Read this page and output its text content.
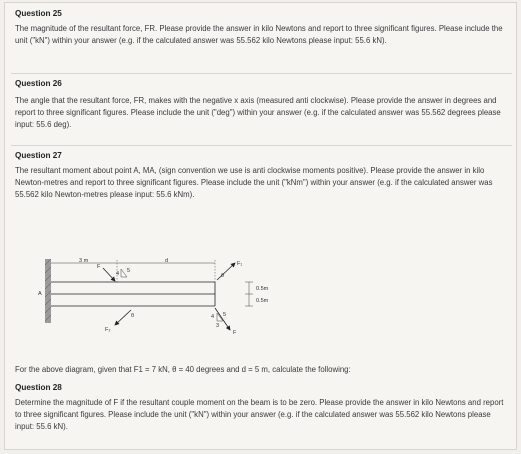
Question 25

The magnitude of the resultant force, FR. Please provide the answer in kilo Newtons and report to three significant figures. Please include the unit ("kN") within your answer (e.g. if the calculated answer was 55.562 kilo Newtons please input: 55.6 kN).

Question 26

The angle that the resultant force, FR, makes with the negative x axis (measured anti clockwise). Please provide the answer in degrees and report to three significant figures. Please include the unit ("deg") within your answer (e.g. if the calculated answer was 55.562 degrees please input: 55.6 deg).

Question 27

The resultant moment about point A, MA, (sign convention we use is anti clockwise moments positive). Please provide the answer in kilo Newton-metres and report to three significant figures. Please include the unit ("kNm") within your answer (e.g. if the calculated answer was 55.562 kilo Newton-metres please input: 55.6 kNm).

A
3 m	d
F
4 5
F₁
θ
F₂
θ
F
4 5
3
0.5m
0.5m

For the above diagram, given that F1 = 7 kN, θ = 40 degrees and d = 5 m, calculate the following:

Question 28

Determine the magnitude of F if the resultant couple moment on the beam is to be zero. Please provide the answer in kilo Newtons and report to three significant figures. Please include the unit ("kN") within your answer (e.g. if the calculated answer was 55.562 kilo Newtons please input: 55.6 kN).
